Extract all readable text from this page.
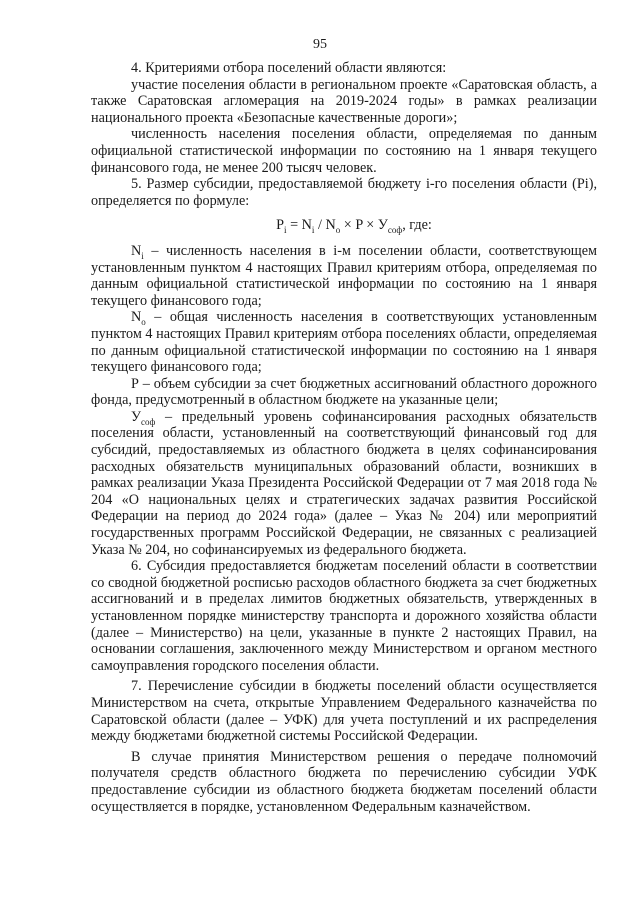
95

4. Критериями отбора поселений области являются:

участие поселения области в региональном проекте «Саратовская область, а также Саратовская агломерация на 2019-2024 годы» в рамках реализации национального проекта «Безопасные качественные дороги»;

численность населения поселения области, определяемая по данным официальной статистической информации по состоянию на 1 января текущего финансового года, не менее 200 тысяч человек.

5. Размер субсидии, предоставляемой бюджету i-го поселения области (Pi), определяется по формуле:

$P_i = N_i / N_o \times P \times У_{соф}$, где:

$N_i$ – численность населения в i-м поселении области, соответствующем установленным пунктом 4 настоящих Правил критериям отбора, определяемая по данным официальной статистической информации по состоянию на 1 января текущего финансового года;

$N_o$ – общая численность населения в соответствующих установленным пунктом 4 настоящих Правил критериям отбора поселениях области, определяемая по данным официальной статистической информации по состоянию на 1 января текущего финансового года;

Р – объем субсидии за счет бюджетных ассигнований областного дорожного фонда, предусмотренный в областном бюджете на указанные цели;

$У_{соф}$ – предельный уровень софинансирования расходных обязательств поселения области, установленный на соответствующий финансовый год для субсидий, предоставляемых из областного бюджета в целях софинансирования расходных обязательств муниципальных образований области, возникших в рамках реализации Указа Президента Российской Федерации от 7 мая 2018 года № 204 «О национальных целях и стратегических задачах развития Российской Федерации на период до 2024 года» (далее – Указ № 204) или мероприятий государственных программ Российской Федерации, не связанных с реализацией Указа № 204, но софинансируемых из федерального бюджета.

6. Субсидия предоставляется бюджетам поселений области в соответствии со сводной бюджетной росписью расходов областного бюджета за счет бюджетных ассигнований и в пределах лимитов бюджетных обязательств, утвержденных в установленном порядке министерству транспорта и дорожного хозяйства области (далее – Министерство) на цели, указанные в пункте 2 настоящих Правил, на основании соглашения, заключенного между Министерством и органом местного самоуправления городского поселения области.

7. Перечисление субсидии в бюджеты поселений области осуществляется Министерством на счета, открытые Управлением Федерального казначейства по Саратовской области (далее – УФК) для учета поступлений и их распределения между бюджетами бюджетной системы Российской Федерации.

В случае принятия Министерством решения о передаче полномочий получателя средств областного бюджета по перечислению субсидии УФК предоставление субсидии из областного бюджета бюджетам поселений области осуществляется в порядке, установленном Федеральным казначейством.
